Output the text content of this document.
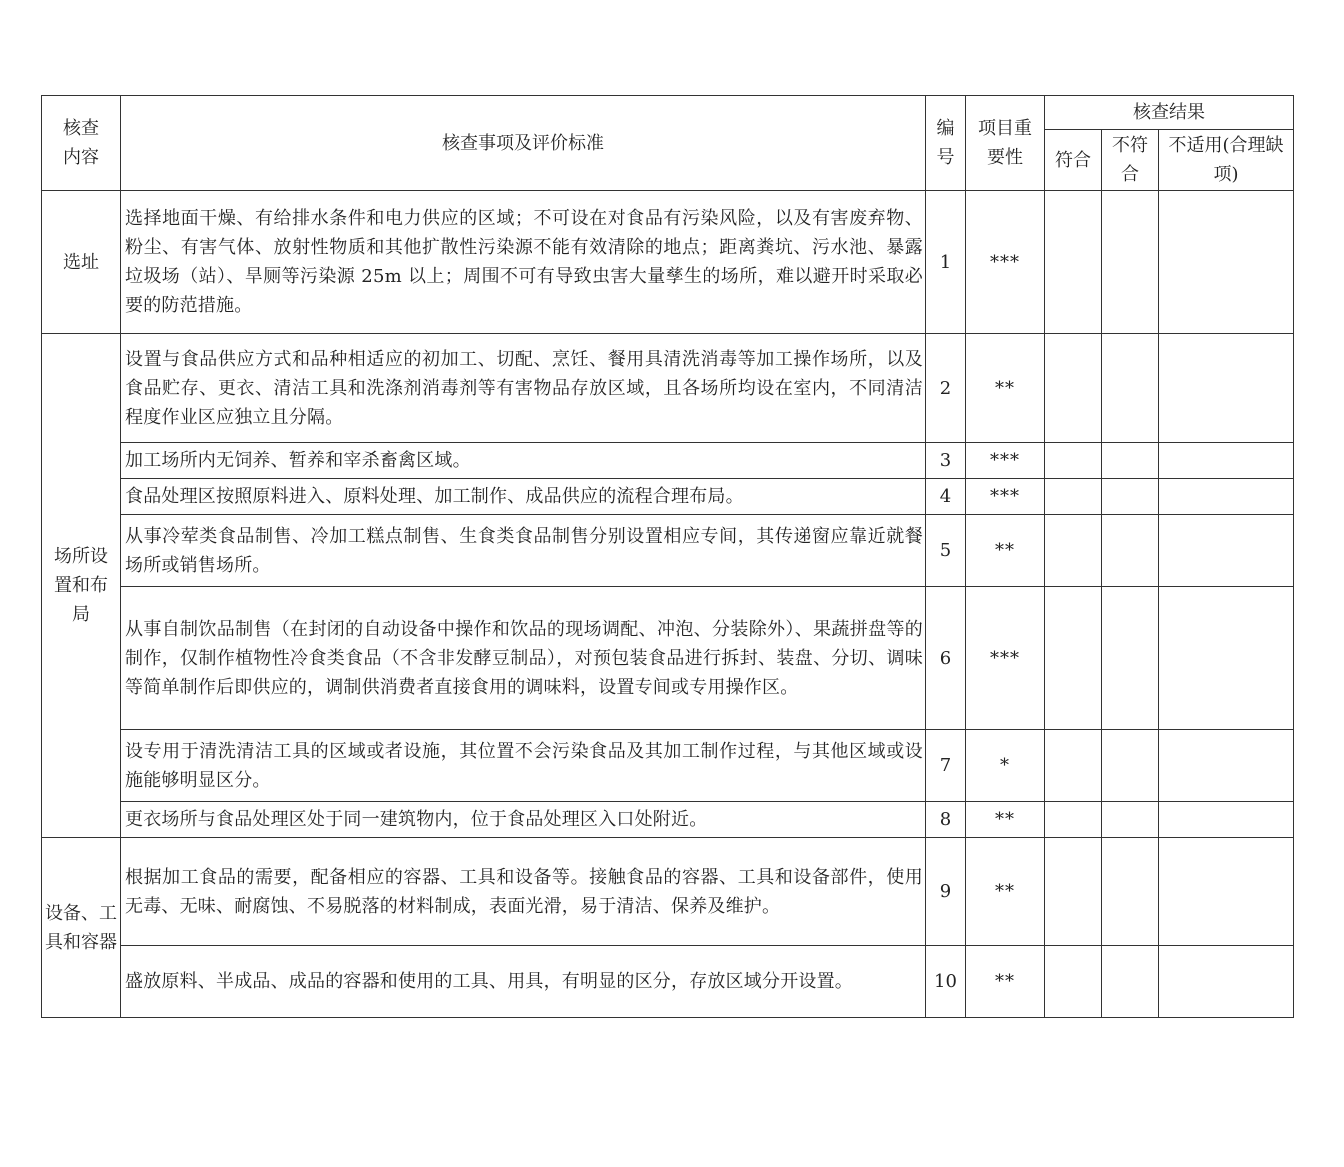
核查内容	核查事项及评价标准	编号	项目重要性	核查结果		
				符合	不符合	不适用(合理缺项)
选址	选择地面干燥、有给排水条件和电力供应的区域；不可设在对食品有污染风险，以及有害废弃物、粉尘、有害气体、放射性物质和其他扩散性污染源不能有效清除的地点；距离粪坑、污水池、暴露垃圾场（站）、旱厕等污染源 25m 以上；周围不可有导致虫害大量孳生的场所，难以避开时采取必要的防范措施。	1	***			
场所设置和布局	设置与食品供应方式和品种相适应的初加工、切配、烹饪、餐用具清洗消毒等加工操作场所，以及食品贮存、更衣、清洁工具和洗涤剂消毒剂等有害物品存放区域，且各场所均设在室内，不同清洁程度作业区应独立且分隔。	2	**			
	加工场所内无饲养、暂养和宰杀畜禽区域。	3	***			
	食品处理区按照原料进入、原料处理、加工制作、成品供应的流程合理布局。	4	***			
	从事冷荤类食品制售、冷加工糕点制售、生食类食品制售分别设置相应专间，其传递窗应靠近就餐场所或销售场所。	5	**			
	从事自制饮品制售（在封闭的自动设备中操作和饮品的现场调配、冲泡、分装除外）、果蔬拼盘等的制作，仅制作植物性冷食类食品（不含非发酵豆制品），对预包装食品进行拆封、装盘、分切、调味等简单制作后即供应的，调制供消费者直接食用的调味料，设置专间或专用操作区。	6	***			
	设专用于清洗清洁工具的区域或者设施，其位置不会污染食品及其加工制作过程，与其他区域或设施能够明显区分。	7	*			
	更衣场所与食品处理区处于同一建筑物内，位于食品处理区入口处附近。	8	**			
设备、工具和容器	根据加工食品的需要，配备相应的容器、工具和设备等。接触食品的容器、工具和设备部件，使用无毒、无味、耐腐蚀、不易脱落的材料制成，表面光滑，易于清洁、保养及维护。	9	**			
	盛放原料、半成品、成品的容器和使用的工具、用具，有明显的区分，存放区域分开设置。	10	**			
